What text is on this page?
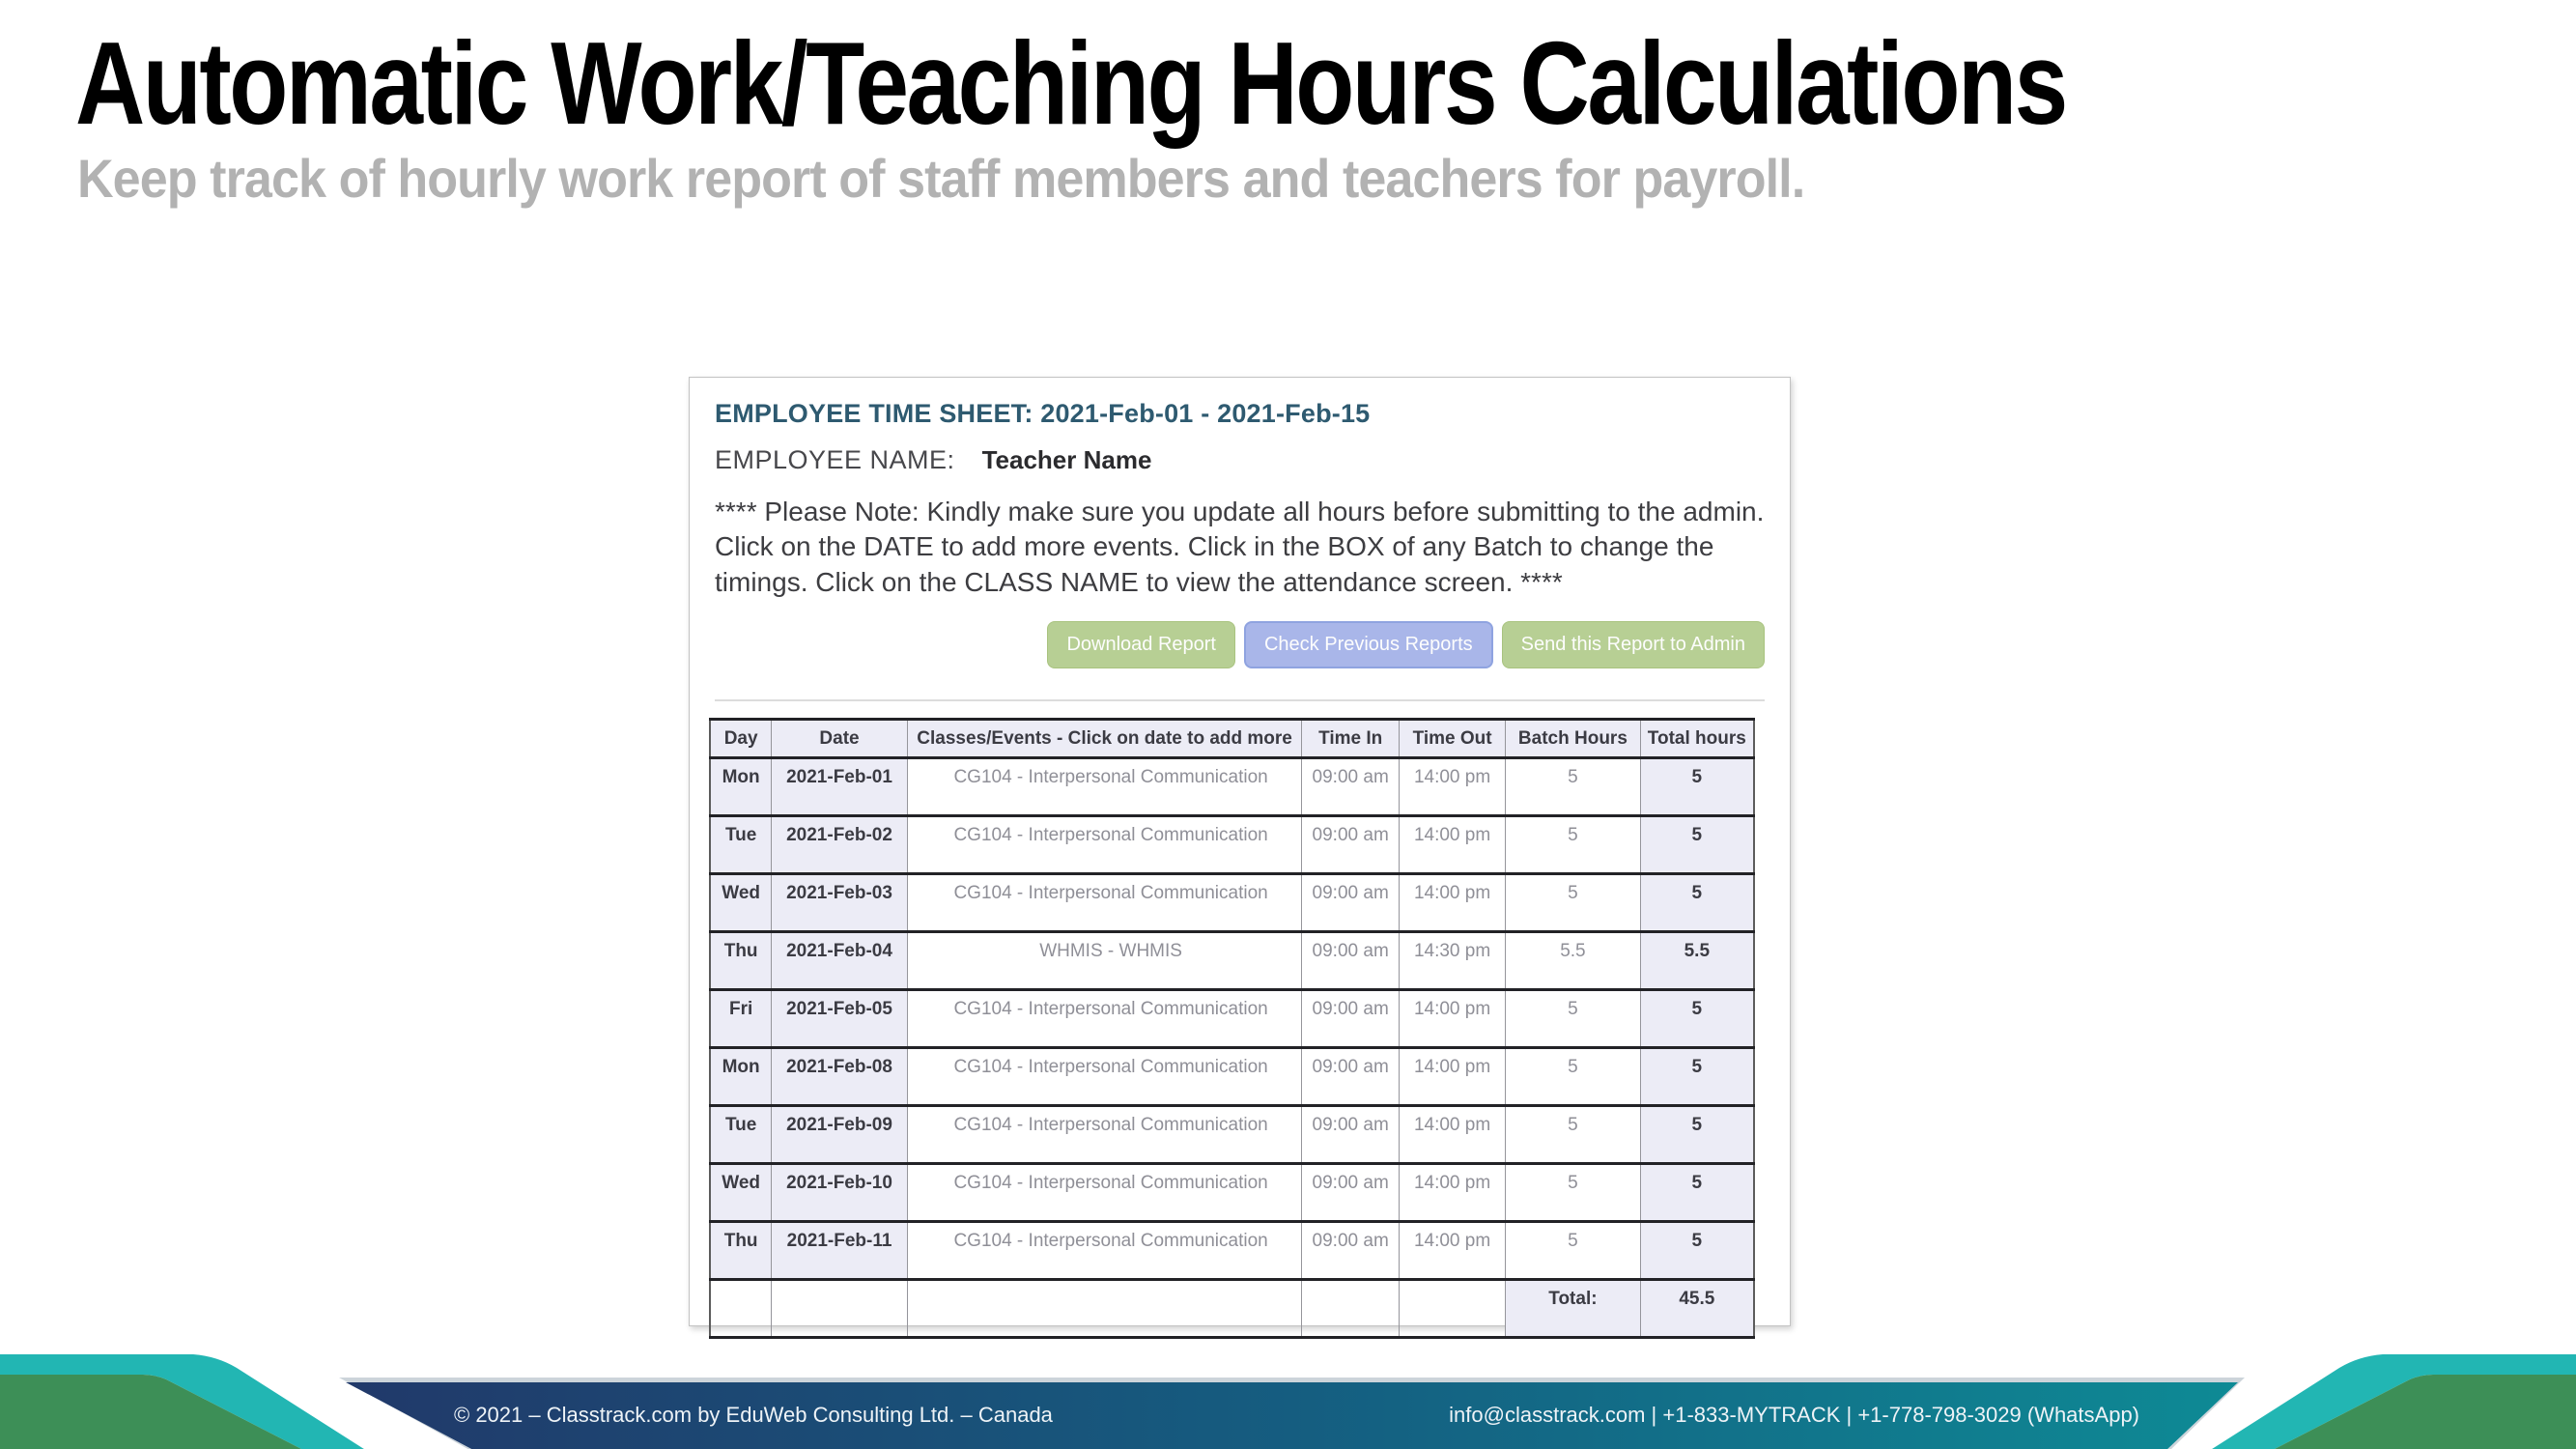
Automatic Work/Teaching Hours Calculations
Keep track of hourly work report of staff members and teachers for payroll.
EMPLOYEE TIME SHEET: 2021-Feb-01 - 2021-Feb-15
EMPLOYEE NAME: Teacher Name
**** Please Note: Kindly make sure you update all hours before submitting to the admin. Click on the DATE to add more events. Click in the BOX of any Batch to change the timings. Click on the CLASS NAME to view the attendance screen. ****
Download Report	Check Previous Reports	Send this Report to Admin
Day	Date	Classes/Events - Click on date to add more	Time In	Time Out	Batch Hours	Total hours
Mon	2021-Feb-01	CG104 - Interpersonal Communication	09:00 am	14:00 pm	5	5
Tue	2021-Feb-02	CG104 - Interpersonal Communication	09:00 am	14:00 pm	5	5
Wed	2021-Feb-03	CG104 - Interpersonal Communication	09:00 am	14:00 pm	5	5
Thu	2021-Feb-04	WHMIS - WHMIS	09:00 am	14:30 pm	5.5	5.5
Fri	2021-Feb-05	CG104 - Interpersonal Communication	09:00 am	14:00 pm	5	5
Mon	2021-Feb-08	CG104 - Interpersonal Communication	09:00 am	14:00 pm	5	5
Tue	2021-Feb-09	CG104 - Interpersonal Communication	09:00 am	14:00 pm	5	5
Wed	2021-Feb-10	CG104 - Interpersonal Communication	09:00 am	14:00 pm	5	5
Thu	2021-Feb-11	CG104 - Interpersonal Communication	09:00 am	14:00 pm	5	5
					Total:	45.5
© 2021 – Classtrack.com by EduWeb Consulting Ltd. – Canada	info@classtrack.com | +1-833-MYTRACK | +1-778-798-3029 (WhatsApp)
